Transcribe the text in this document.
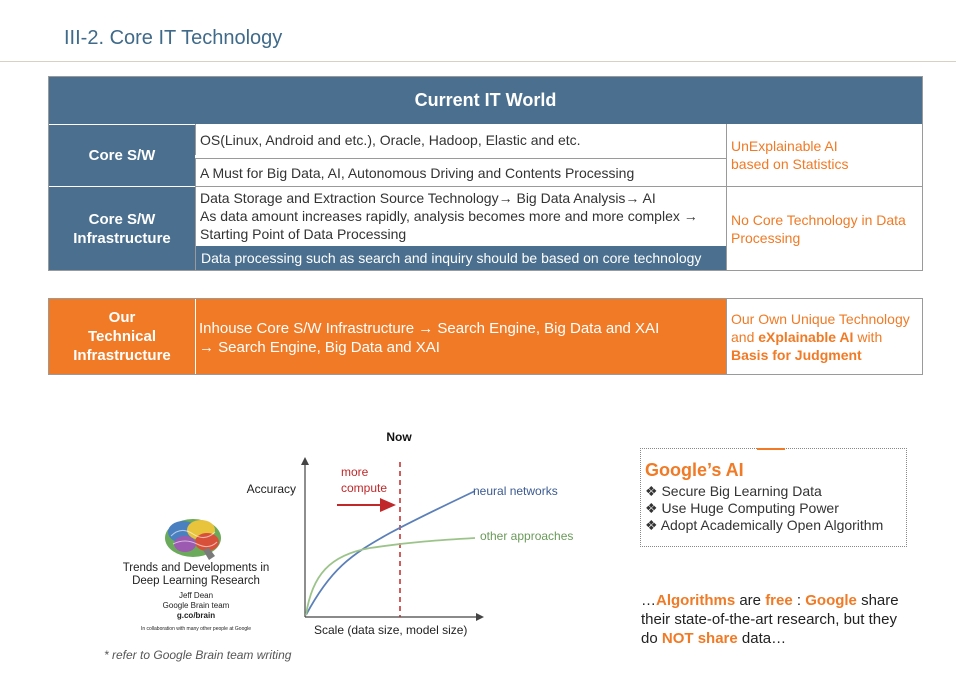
III-2. Core IT Technology
Current IT World
Core S/W
OS(Linux, Android and etc.), Oracle, Hadoop, Elastic and etc.
A Must for Big Data, AI, Autonomous Driving and Contents Processing
UnExplainable AI
based on Statistics
Core S/W
Infrastructure
Data Storage and Extraction Source Technology→ Big Data Analysis→ AI
As data amount increases rapidly, analysis becomes more and more complex →
Starting Point of Data Processing
Data processing such as search and inquiry should be based on core technology
No Core Technology in Data
Processing
Our
Technical
Infrastructure
Inhouse Core S/W Infrastructure → Search Engine, Big Data and XAI
→ Search Engine, Big Data and XAI
Our Own Unique Technology
and eXplainable AI with
Basis for Judgment
Trends and Developments in
Deep Learning Research
Jeff Dean
Google Brain team
g.co/brain
In collaboration with many other people at Google
Now
Accuracy
more
compute	neural networks
other approaches
Scale (data size, model size)
* refer to Google Brain team writing
Google’s AI
❖ Secure Big Learning Data
❖ Use Huge Computing Power
❖ Adopt Academically Open Algorithm
…Algorithms are free : Google share their state-of-the-art research, but they do NOT share data…
